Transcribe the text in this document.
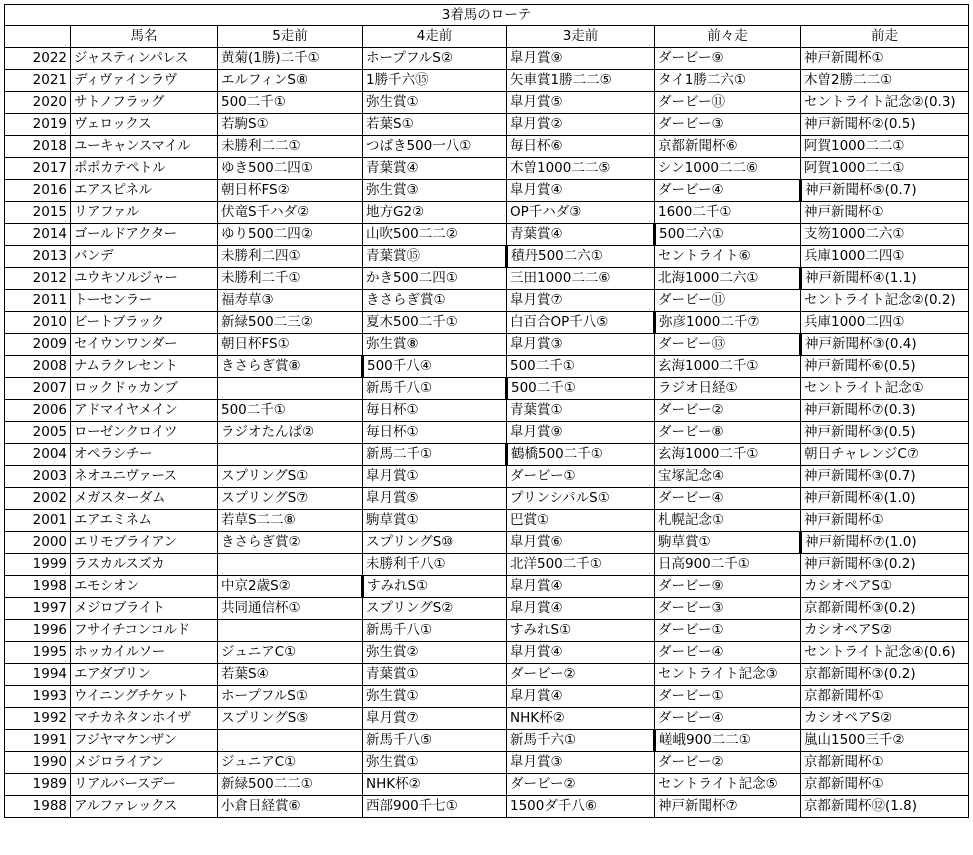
3着馬のローテ						
	馬名	5走前	4走前	3走前	前々走	前走
2022	ジャスティンパレス	黄菊(1勝)二千①	ホープフルS②	皐月賞⑨	ダービー⑨	神戸新聞杯①
2021	ディヴァインラヴ	エルフィンS⑧	1勝千六⑮	矢車賞1勝二二⑤	タイ1勝二六①	木曽2勝二二①
2020	サトノフラッグ	500二千①	弥生賞①	皐月賞⑤	ダービー⑪	セントライト記念②(0.3)
2019	ヴェロックス	若駒S①	若葉S①	皐月賞②	ダービー③	神戸新聞杯②(0.5)
2018	ユーキャンスマイル	未勝利二二①	つばき500一八①	毎日杯⑥	京都新聞杯⑥	阿賀1000二二①
2017	ポポカテペトル	ゆき500二四①	青葉賞④	木曽1000二二⑤	シン1000二二⑥	阿賀1000二二①
2016	エアスピネル	朝日杯FS②	弥生賞③	皐月賞④	ダービー④	神戸新聞杯⑤(0.7)
2015	リアファル	伏竜S千ハダ②	地方G2②	OP千ハダ③	1600二千①	神戸新聞杯①
2014	ゴールドアクター	ゆり500二四②	山吹500二二②	青葉賞④	500二六①	支笏1000二六①
2013	バンデ	未勝利二四①	青葉賞⑮	積丹500二六①	セントライト⑥	兵庫1000二四①
2012	ユウキソルジャー	未勝利二千①	かき500二四①	三田1000二二⑥	北海1000二六①	神戸新聞杯④(1.1)
2011	トーセンラー	福寿草③	きさらぎ賞①	皐月賞⑦	ダービー⑪	セントライト記念②(0.2)
2010	ビートブラック	新緑500二三②	夏木500二千①	白百合OP千八⑤	弥彦1000二千⑦	兵庫1000二四①
2009	セイウンワンダー	朝日杯FS①	弥生賞⑧	皐月賞③	ダービー⑬	神戸新聞杯③(0.4)
2008	ナムラクレセント	きさらぎ賞⑧	500千八④	500二千①	玄海1000二千①	神戸新聞杯⑥(0.5)
2007	ロックドゥカンブ		新馬千八①	500二千①	ラジオ日経①	セントライト記念①
2006	アドマイヤメイン	500二千①	毎日杯①	青葉賞①	ダービー②	神戸新聞杯⑦(0.3)
2005	ローゼンクロイツ	ラジオたんぱ②	毎日杯①	皐月賞⑨	ダービー⑧	神戸新聞杯③(0.5)
2004	オペラシチー		新馬二千①	鶴橋500二千①	玄海1000二千①	朝日チャレンジC⑦
2003	ネオユニヴァース	スプリングS①	皐月賞①	ダービー①	宝塚記念④	神戸新聞杯③(0.7)
2002	メガスターダム	スプリングS⑦	皐月賞⑤	プリンシパルS①	ダービー④	神戸新聞杯④(1.0)
2001	エアエミネム	若草S二二⑧	駒草賞①	巴賞①	札幌記念①	神戸新聞杯①
2000	エリモブライアン	きさらぎ賞②	スプリングS⑩	皐月賞⑥	駒草賞①	神戸新聞杯⑦(1.0)
1999	ラスカルスズカ		未勝利千八①	北洋500二千①	日高900二千①	神戸新聞杯③(0.2)
1998	エモシオン	中京2歳S②	すみれS①	皐月賞④	ダービー⑨	カシオペアS①
1997	メジロブライト	共同通信杯①	スプリングS②	皐月賞④	ダービー③	京都新聞杯③(0.2)
1996	フサイチコンコルド		新馬千八①	すみれS①	ダービー①	カシオペアS②
1995	ホッカイルソー	ジュニアC①	弥生賞②	皐月賞④	ダービー④	セントライト記念④(0.6)
1994	エアダブリン	若葉S④	青葉賞①	ダービー②	セントライト記念③	京都新聞杯③(0.2)
1993	ウイニングチケット	ホープフルS①	弥生賞①	皐月賞④	ダービー①	京都新聞杯①
1992	マチカネタンホイザ	スプリングS⑤	皐月賞⑦	NHK杯②	ダービー④	カシオペアS②
1991	フジヤマケンザン		新馬千八⑤	新馬千六①	嵯峨900二二①	嵐山1500三千②
1990	メジロライアン	ジュニアC①	弥生賞①	皐月賞③	ダービー②	京都新聞杯①
1989	リアルバースデー	新緑500二二①	NHK杯②	ダービー②	セントライト記念⑤	京都新聞杯①
1988	アルファレックス	小倉日経賞⑥	西部900千七①	1500ダ千八⑥	神戸新聞杯⑦	京都新聞杯⑫(1.8)
